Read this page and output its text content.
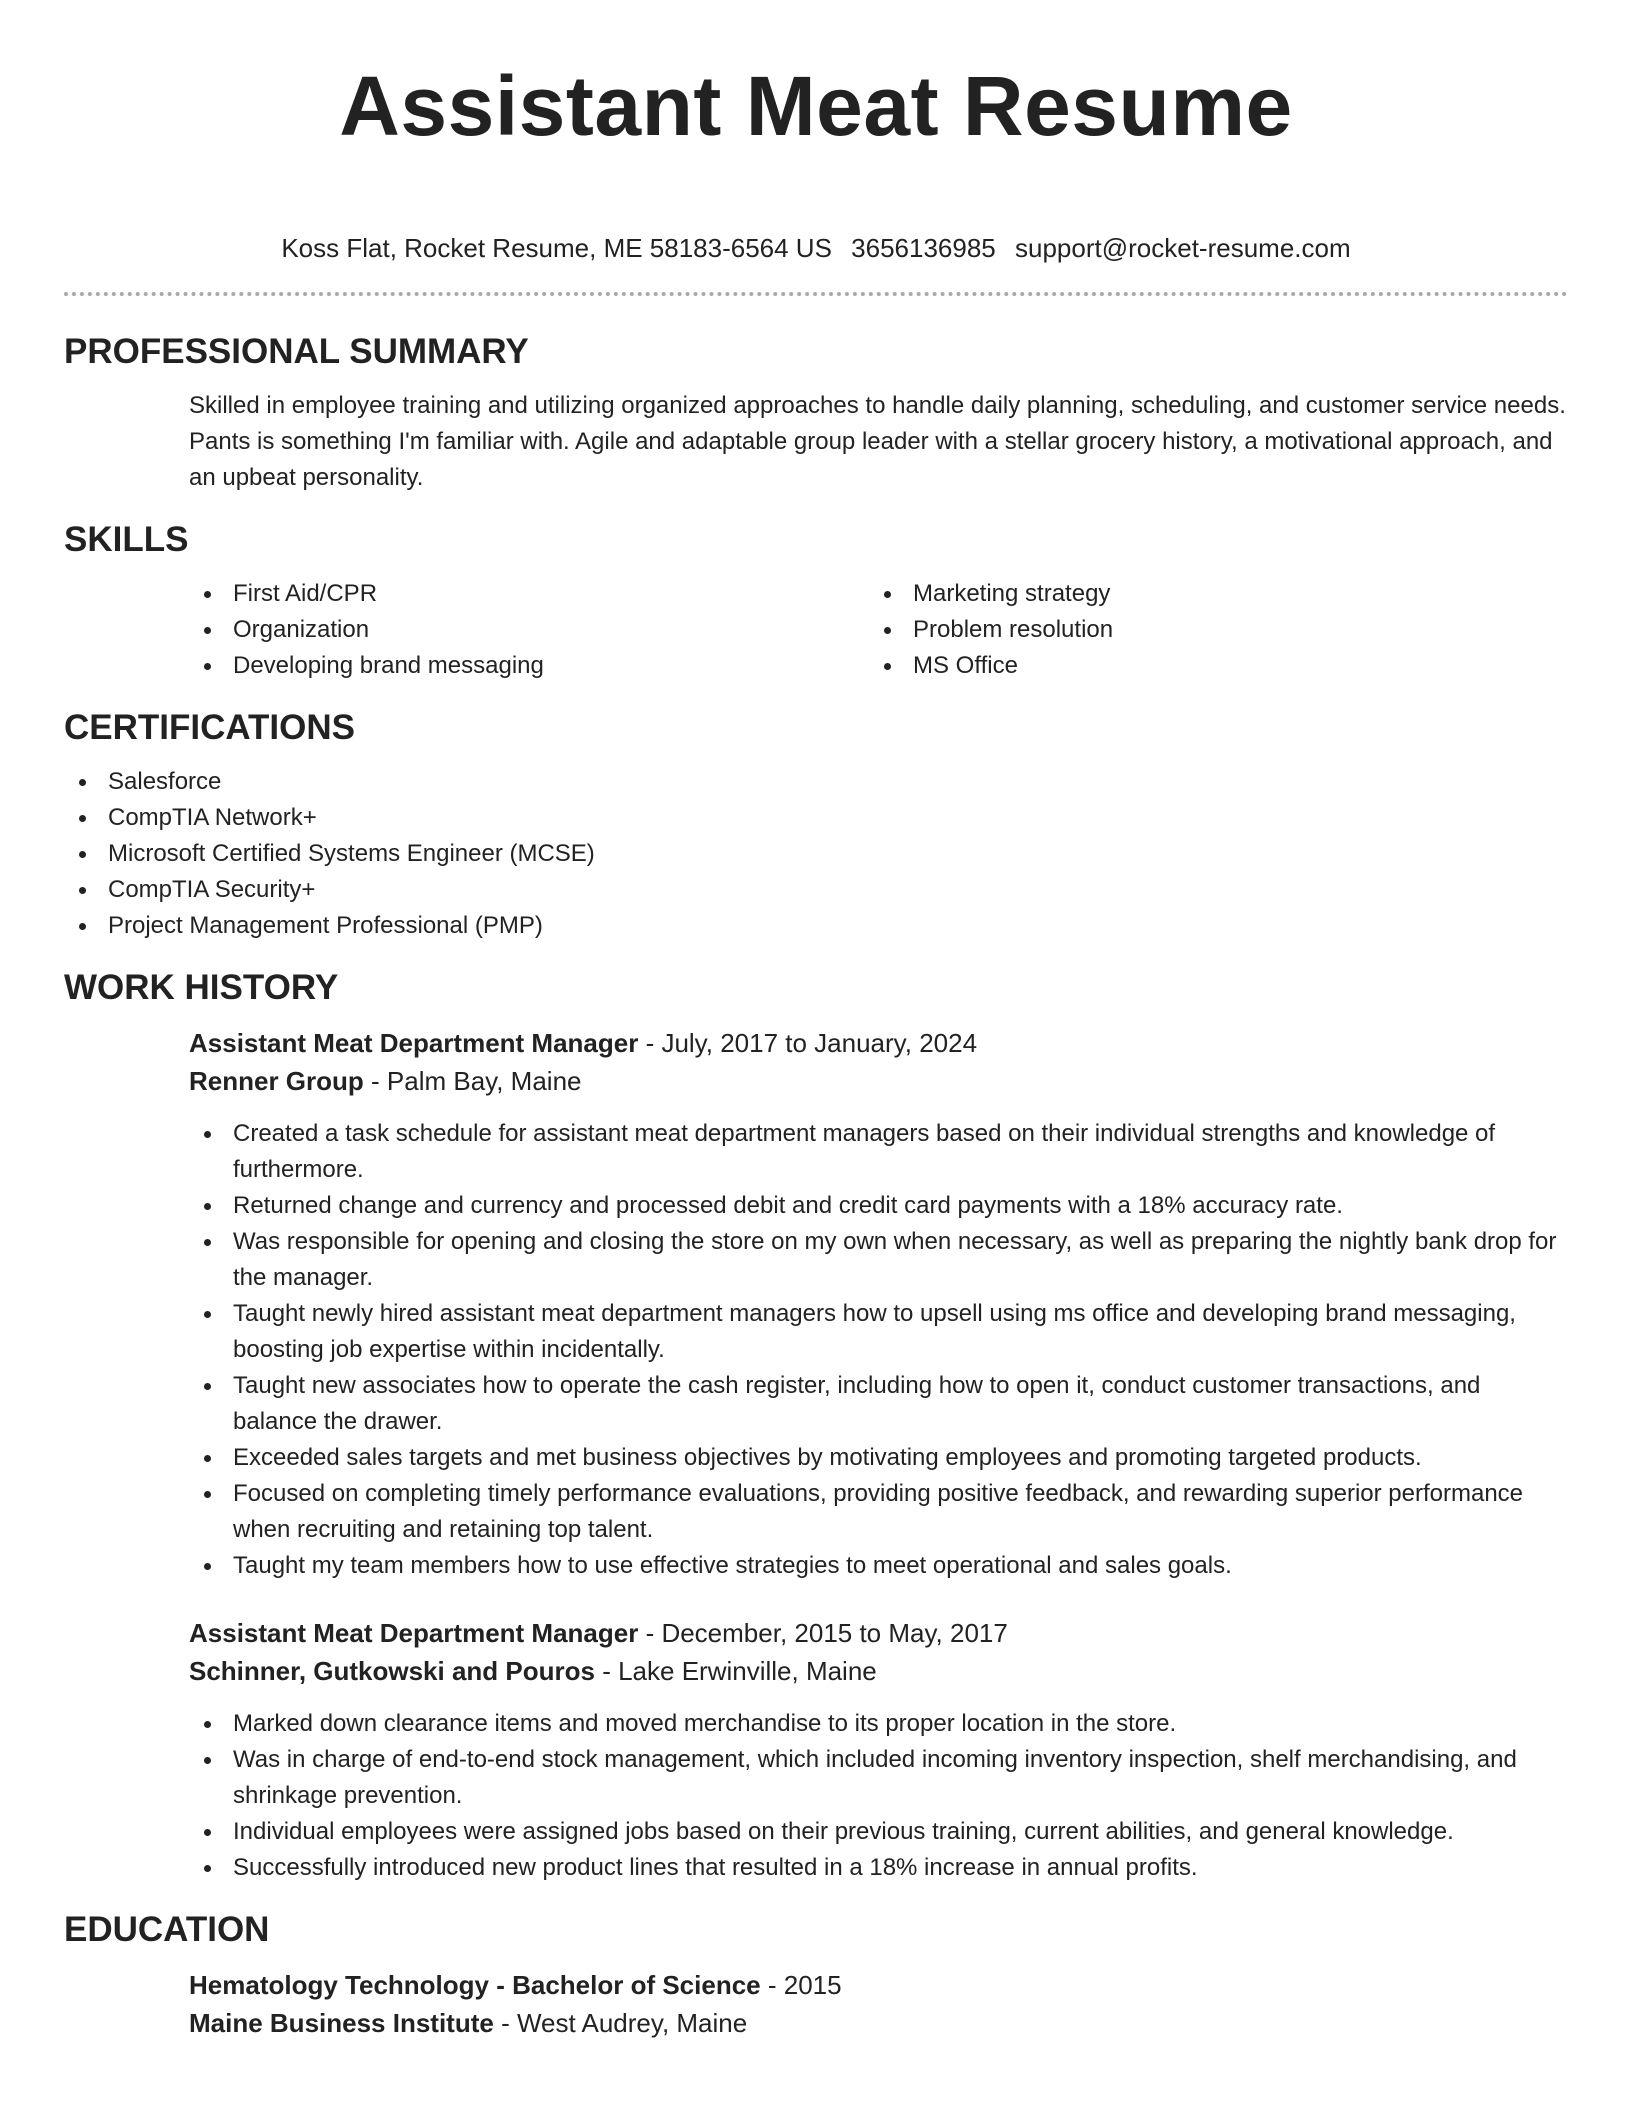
Assistant Meat Resume
Koss Flat, Rocket Resume, ME 58183-6564 US 3656136985 support@rocket-resume.com
PROFESSIONAL SUMMARY
Skilled in employee training and utilizing organized approaches to handle daily planning, scheduling, and customer service needs. Pants is something I'm familiar with. Agile and adaptable group leader with a stellar grocery history, a motivational approach, and an upbeat personality.
SKILLS
First Aid/CPR
Organization
Developing brand messaging
Marketing strategy
Problem resolution
MS Office
CERTIFICATIONS
Salesforce
CompTIA Network+
Microsoft Certified Systems Engineer (MCSE)
CompTIA Security+
Project Management Professional (PMP)
WORK HISTORY
Assistant Meat Department Manager - July, 2017 to January, 2024
Renner Group - Palm Bay, Maine
Created a task schedule for assistant meat department managers based on their individual strengths and knowledge of furthermore.
Returned change and currency and processed debit and credit card payments with a 18% accuracy rate.
Was responsible for opening and closing the store on my own when necessary, as well as preparing the nightly bank drop for the manager.
Taught newly hired assistant meat department managers how to upsell using ms office and developing brand messaging, boosting job expertise within incidentally.
Taught new associates how to operate the cash register, including how to open it, conduct customer transactions, and balance the drawer.
Exceeded sales targets and met business objectives by motivating employees and promoting targeted products.
Focused on completing timely performance evaluations, providing positive feedback, and rewarding superior performance when recruiting and retaining top talent.
Taught my team members how to use effective strategies to meet operational and sales goals.
Assistant Meat Department Manager - December, 2015 to May, 2017
Schinner, Gutkowski and Pouros - Lake Erwinville, Maine
Marked down clearance items and moved merchandise to its proper location in the store.
Was in charge of end-to-end stock management, which included incoming inventory inspection, shelf merchandising, and shrinkage prevention.
Individual employees were assigned jobs based on their previous training, current abilities, and general knowledge.
Successfully introduced new product lines that resulted in a 18% increase in annual profits.
EDUCATION
Hematology Technology - Bachelor of Science - 2015
Maine Business Institute - West Audrey, Maine
